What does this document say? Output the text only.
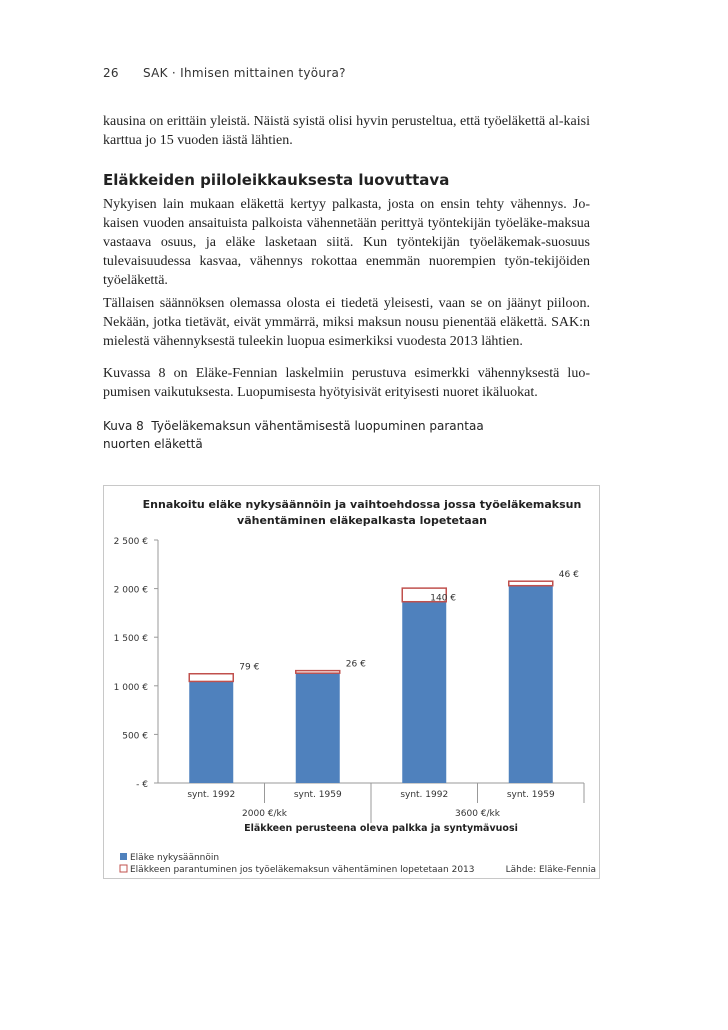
26 SAK · Ihmisen mittainen työura?

kausina on erittäin yleistä. Näistä syistä olisi hyvin perusteltua, että työeläkettä al-kaisi karttua jo 15 vuoden iästä lähtien.

Eläkkeiden piiloleikkauksesta luovuttava

Nykyisen lain mukaan eläkettä kertyy palkasta, josta on ensin tehty vähennys. Jo-kaisen vuoden ansaituista palkoista vähennetään perittyä työntekijän työeläke-maksua vastaava osuus, ja eläke lasketaan siitä. Kun työntekijän työeläkemak-suosuus tulevaisuudessa kasvaa, vähennys rokottaa enemmän nuorempien työn-tekijöiden työeläkettä.

Tällaisen säännöksen olemassa olosta ei tiedetä yleisesti, vaan se on jäänyt piiloon. Nekään, jotka tietävät, eivät ymmärrä, miksi maksun nousu pienentää eläkettä. SAK:n mielestä vähennyksestä tuleekin luopua esimerkiksi vuodesta 2013 lähtien.

Kuvassa 8 on Eläke-Fennian laskelmiin perustuva esimerkki vähennyksestä luo-pumisen vaikutuksesta. Luopumisesta hyötyisivät erityisesti nuoret ikäluokat.

Kuva 8 Työeläkemaksun vähentämisestä luopuminen parantaa nuorten eläkettä

Ennakoitu eläke nykysäännöin ja vaihtoehdossa jossa työeläkemaksun
vähentäminen eläkepalkasta lopetetaan
- €
500 €
1 000 €
1 500 €
2 000 €
2 500 €
79 €
synt. 1992
26 €
synt. 1959
140 €
synt. 1992
46 €
synt. 1959
2000 €/kk	3600 €/kk
Eläkkeen perusteena oleva palkka ja syntymävuosi
Eläke nykysäännöin
Eläkkeen parantuminen jos työeläkemaksun vähentäminen lopetetaan 2013	Lähde: Eläke-Fennia
